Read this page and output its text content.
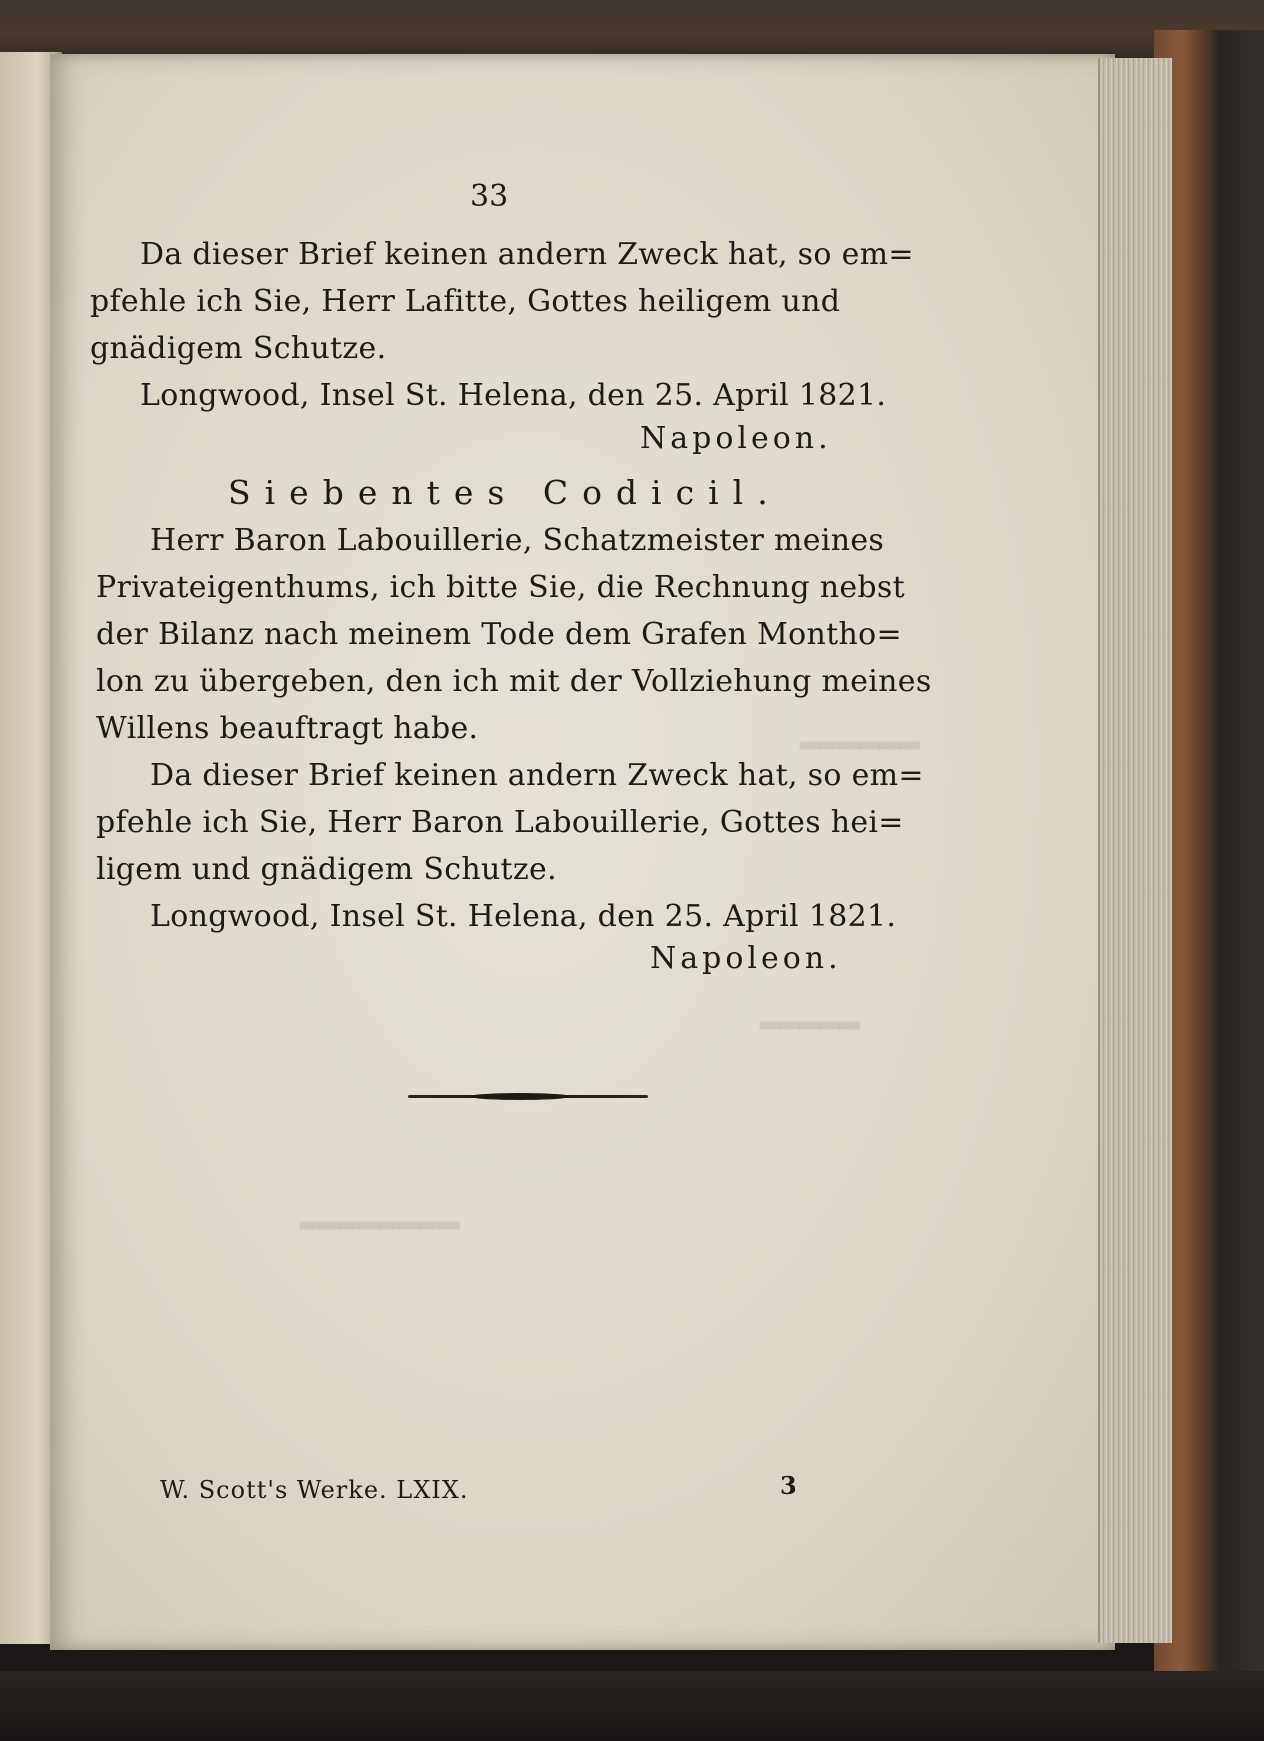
▂▂▂▂▂▂
▂▂▂▂▂
▂▂▂▂▂▂▂▂
33
Da dieser Brief keinen andern Zweck hat, so em=
pfehle ich Sie, Herr Lafitte, Gottes heiligem und
gnädigem Schutze.
Longwood, Insel St. Helena, den 25. April 1821.
Napoleon.
Siebentes Codicil.
Herr Baron Labouillerie, Schatzmeister meines
Privateigenthums, ich bitte Sie, die Rechnung nebst
der Bilanz nach meinem Tode dem Grafen Montho=
lon zu übergeben, den ich mit der Vollziehung meines
Willens beauftragt habe.
Da dieser Brief keinen andern Zweck hat, so em=
pfehle ich Sie, Herr Baron Labouillerie, Gottes hei=
ligem und gnädigem Schutze.
Longwood, Insel St. Helena, den 25. April 1821.
Napoleon.
W. Scott's Werke. LXIX.	3
